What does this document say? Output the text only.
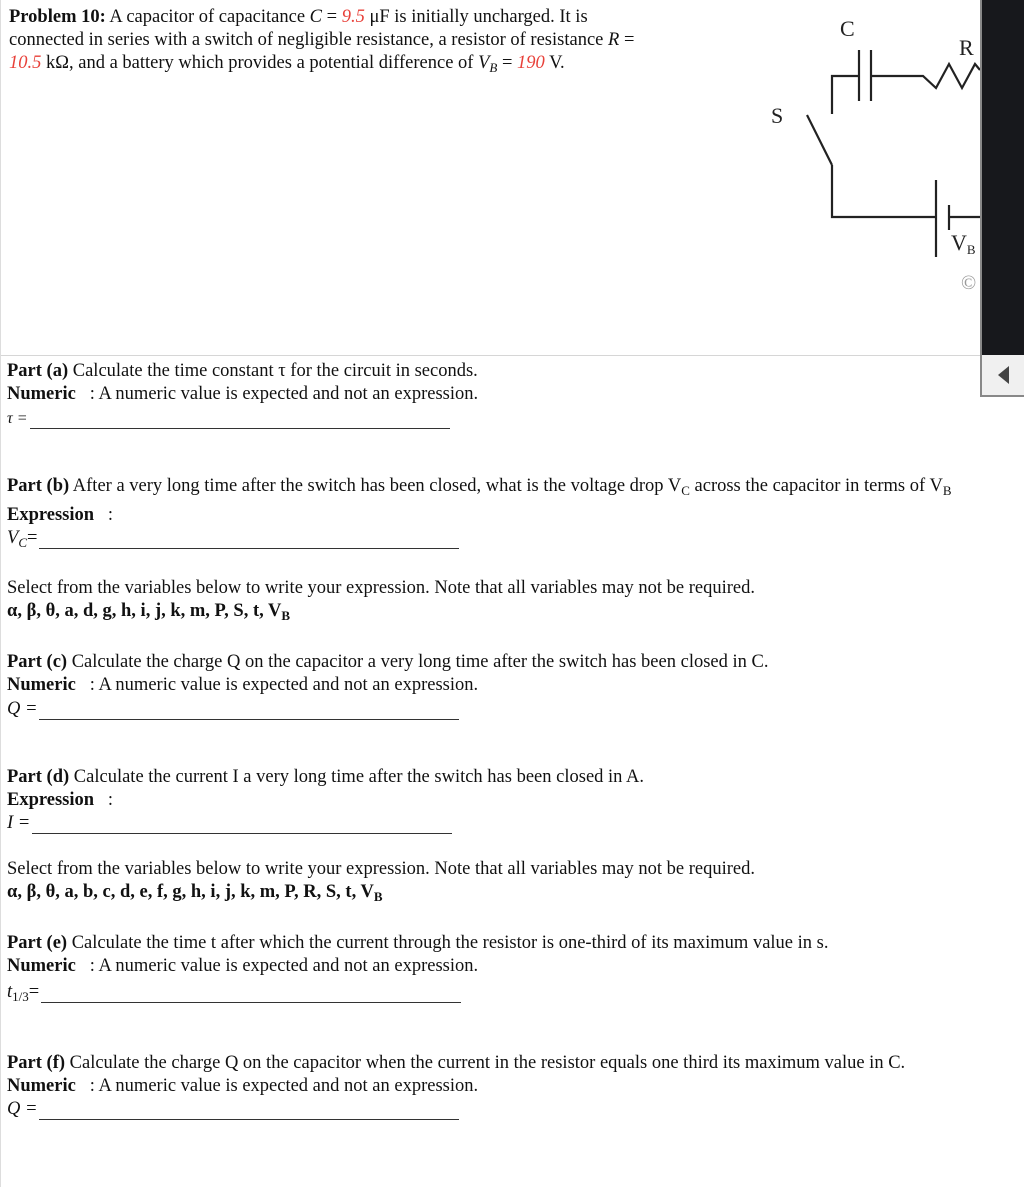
Problem 10: A capacitor of capacitance C = 9.5 μF is initially uncharged. It is
connected in series with a switch of negligible resistance, a resistor of resistance R =
10.5 kΩ, and a battery which provides a potential difference of $V_B = 190$ V.
C
R
S
$V_B$
©
Part (a) Calculate the time constant τ for the circuit in seconds.
Numeric : A numeric value is expected and not an expression.
τ =
Part (b) After a very long time after the switch has been closed, what is the voltage drop $V_C$ across the capacitor in terms of $V_B$
Expression :
$V_C=$
Select from the variables below to write your expression. Note that all variables may not be required.
α, β, θ, a, d, g, h, i, j, k, m, P, S, t, $V_B$
Part (c) Calculate the charge Q on the capacitor a very long time after the switch has been closed in C.
Numeric : A numeric value is expected and not an expression.
Q =
Part (d) Calculate the current I a very long time after the switch has been closed in A.
Expression :
I =
Select from the variables below to write your expression. Note that all variables may not be required.
α, β, θ, a, b, c, d, e, f, g, h, i, j, k, m, P, R, S, t, $V_B$
Part (e) Calculate the time t after which the current through the resistor is one-third of its maximum value in s.
Numeric : A numeric value is expected and not an expression.
$t_{1/3}=$
Part (f) Calculate the charge Q on the capacitor when the current in the resistor equals one third its maximum value in C.
Numeric : A numeric value is expected and not an expression.
Q =
